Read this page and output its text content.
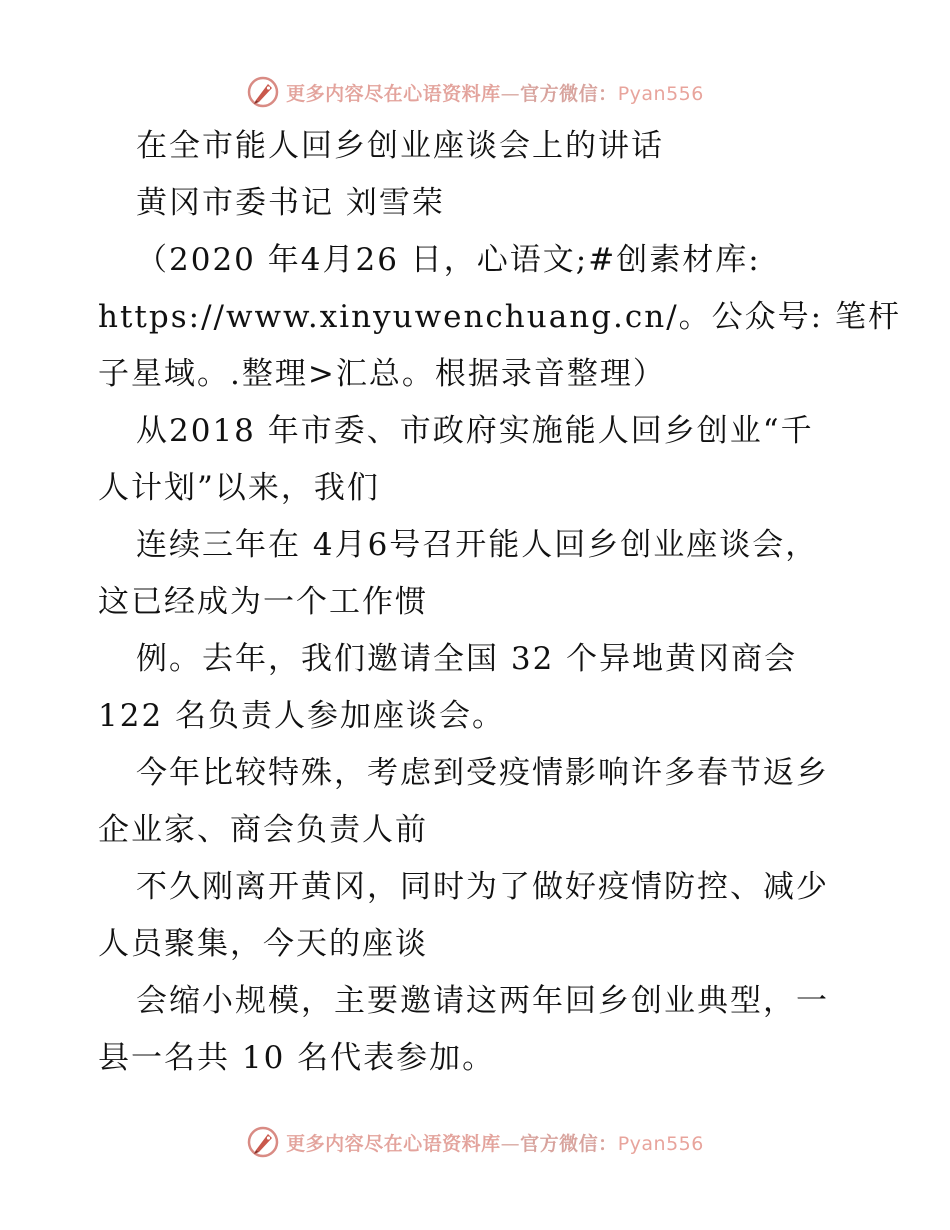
更多内容尽在心语资料库—官方微信：Pyan556
在全市能人回乡创业座谈会上的讲话
黄冈市委书记 刘雪荣
（2020 年4月26 日，心语文;#创素材库:
https://www.xinyuwenchuang.cn/。公众号: 笔杆
子星域。.整理>汇总。根据录音整理）
从2018 年市委、市政府实施能人回乡创业“千
人计划”以来，我们
连续三年在 4月6号召开能人回乡创业座谈会，
这已经成为一个工作惯
例。去年，我们邀请全国 32 个异地黄冈商会
122 名负责人参加座谈会。
今年比较特殊，考虑到受疫情影响许多春节返乡
企业家、商会负责人前
不久刚离开黄冈，同时为了做好疫情防控、减少
人员聚集，今天的座谈
会缩小规模，主要邀请这两年回乡创业典型，一
县一名共 10 名代表参加。
更多内容尽在心语资料库—官方微信：Pyan556
